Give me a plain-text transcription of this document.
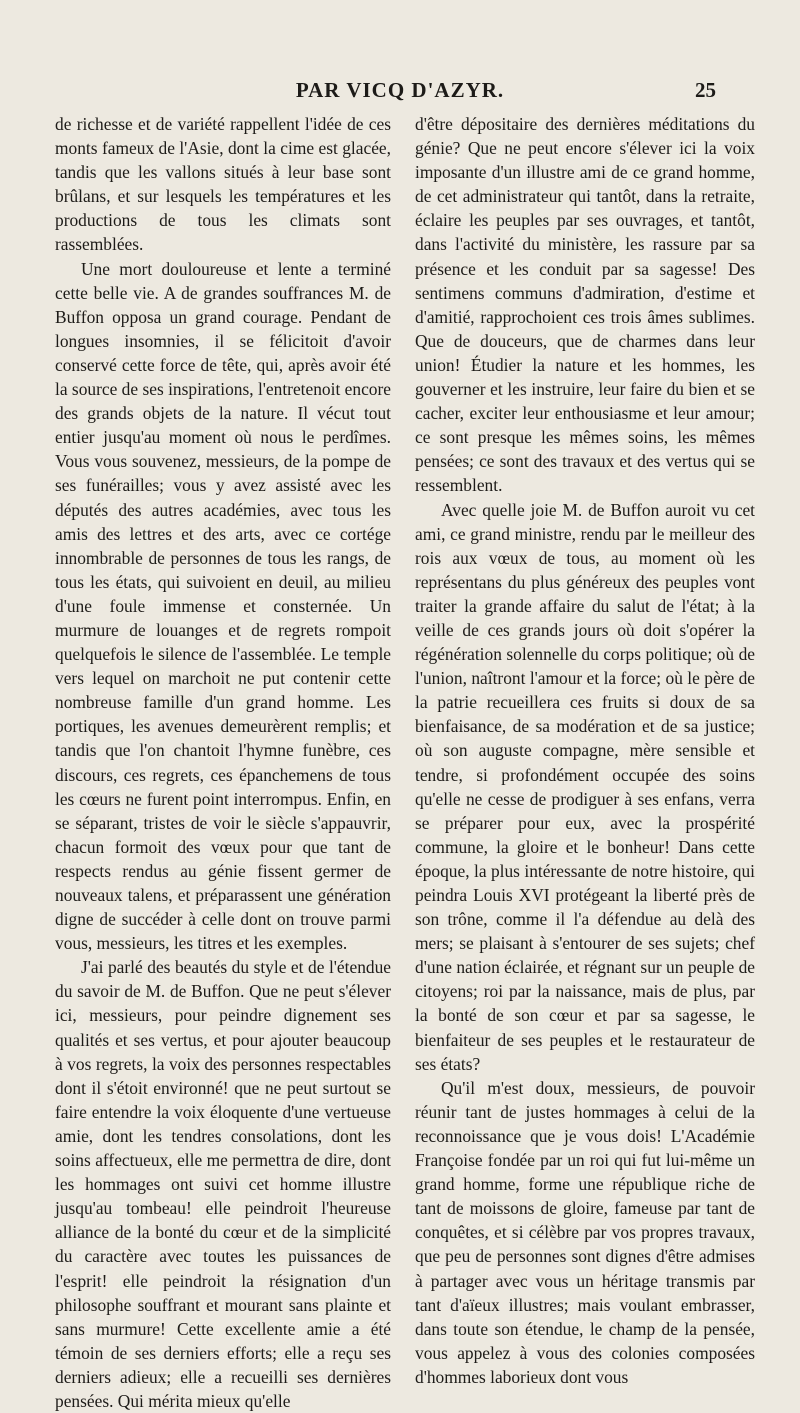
PAR VICQ D'AZYR.	25

de richesse et de variété rappellent l'idée de ces monts fameux de l'Asie, dont la cime est glacée, tandis que les vallons situés à leur base sont brûlans, et sur lesquels les températures et les productions de tous les climats sont rassemblées.

Une mort douloureuse et lente a terminé cette belle vie. A de grandes souffrances M. de Buffon opposa un grand courage. Pendant de longues insomnies, il se félicitoit d'avoir conservé cette force de tête, qui, après avoir été la source de ses inspirations, l'entretenoit encore des grands objets de la nature. Il vécut tout entier jusqu'au moment où nous le perdîmes. Vous vous souvenez, messieurs, de la pompe de ses funérailles; vous y avez assisté avec les députés des autres académies, avec tous les amis des lettres et des arts, avec ce cortége innombrable de personnes de tous les rangs, de tous les états, qui suivoient en deuil, au milieu d'une foule immense et consternée. Un murmure de louanges et de regrets rompoit quelquefois le silence de l'assemblée. Le temple vers lequel on marchoit ne put contenir cette nombreuse famille d'un grand homme. Les portiques, les avenues demeurèrent remplis; et tandis que l'on chantoit l'hymne funèbre, ces discours, ces regrets, ces épanchemens de tous les cœurs ne furent point interrompus. Enfin, en se séparant, tristes de voir le siècle s'appauvrir, chacun formoit des vœux pour que tant de respects rendus au génie fissent germer de nouveaux talens, et préparassent une génération digne de succéder à celle dont on trouve parmi vous, messieurs, les titres et les exemples.

J'ai parlé des beautés du style et de l'étendue du savoir de M. de Buffon. Que ne peut s'élever ici, messieurs, pour peindre dignement ses qualités et ses vertus, et pour ajouter beaucoup à vos regrets, la voix des personnes respectables dont il s'étoit environné! que ne peut surtout se faire entendre la voix éloquente d'une vertueuse amie, dont les tendres consolations, dont les soins affectueux, elle me permettra de dire, dont les hommages ont suivi cet homme illustre jusqu'au tombeau! elle peindroit l'heureuse alliance de la bonté du cœur et de la simplicité du caractère avec toutes les puissances de l'esprit! elle peindroit la résignation d'un philosophe souffrant et mourant sans plainte et sans murmure! Cette excellente amie a été témoin de ses derniers efforts; elle a reçu ses derniers adieux; elle a recueilli ses dernières pensées. Qui mérita mieux qu'elle

d'être dépositaire des dernières méditations du génie? Que ne peut encore s'élever ici la voix imposante d'un illustre ami de ce grand homme, de cet administrateur qui tantôt, dans la retraite, éclaire les peuples par ses ouvrages, et tantôt, dans l'activité du ministère, les rassure par sa présence et les conduit par sa sagesse! Des sentimens communs d'admiration, d'estime et d'amitié, rapprochoient ces trois âmes sublimes. Que de douceurs, que de charmes dans leur union! Étudier la nature et les hommes, les gouverner et les instruire, leur faire du bien et se cacher, exciter leur enthousiasme et leur amour; ce sont presque les mêmes soins, les mêmes pensées; ce sont des travaux et des vertus qui se ressemblent.

Avec quelle joie M. de Buffon auroit vu cet ami, ce grand ministre, rendu par le meilleur des rois aux vœux de tous, au moment où les représentans du plus généreux des peuples vont traiter la grande affaire du salut de l'état; à la veille de ces grands jours où doit s'opérer la régénération solennelle du corps politique; où de l'union, naîtront l'amour et la force; où le père de la patrie recueillera ces fruits si doux de sa bienfaisance, de sa modération et de sa justice; où son auguste compagne, mère sensible et tendre, si profondément occupée des soins qu'elle ne cesse de prodiguer à ses enfans, verra se préparer pour eux, avec la prospérité commune, la gloire et le bonheur! Dans cette époque, la plus intéressante de notre histoire, qui peindra Louis XVI protégeant la liberté près de son trône, comme il l'a défendue au delà des mers; se plaisant à s'entourer de ses sujets; chef d'une nation éclairée, et régnant sur un peuple de citoyens; roi par la naissance, mais de plus, par la bonté de son cœur et par sa sagesse, le bienfaiteur de ses peuples et le restaurateur de ses états?

Qu'il m'est doux, messieurs, de pouvoir réunir tant de justes hommages à celui de la reconnoissance que je vous dois! L'Académie Françoise fondée par un roi qui fut lui-même un grand homme, forme une république riche de tant de moissons de gloire, fameuse par tant de conquêtes, et si célèbre par vos propres travaux, que peu de personnes sont dignes d'être admises à partager avec vous un héritage transmis par tant d'aïeux illustres; mais voulant embrasser, dans toute son étendue, le champ de la pensée, vous appelez à vous des colonies composées d'hommes laborieux dont vous
